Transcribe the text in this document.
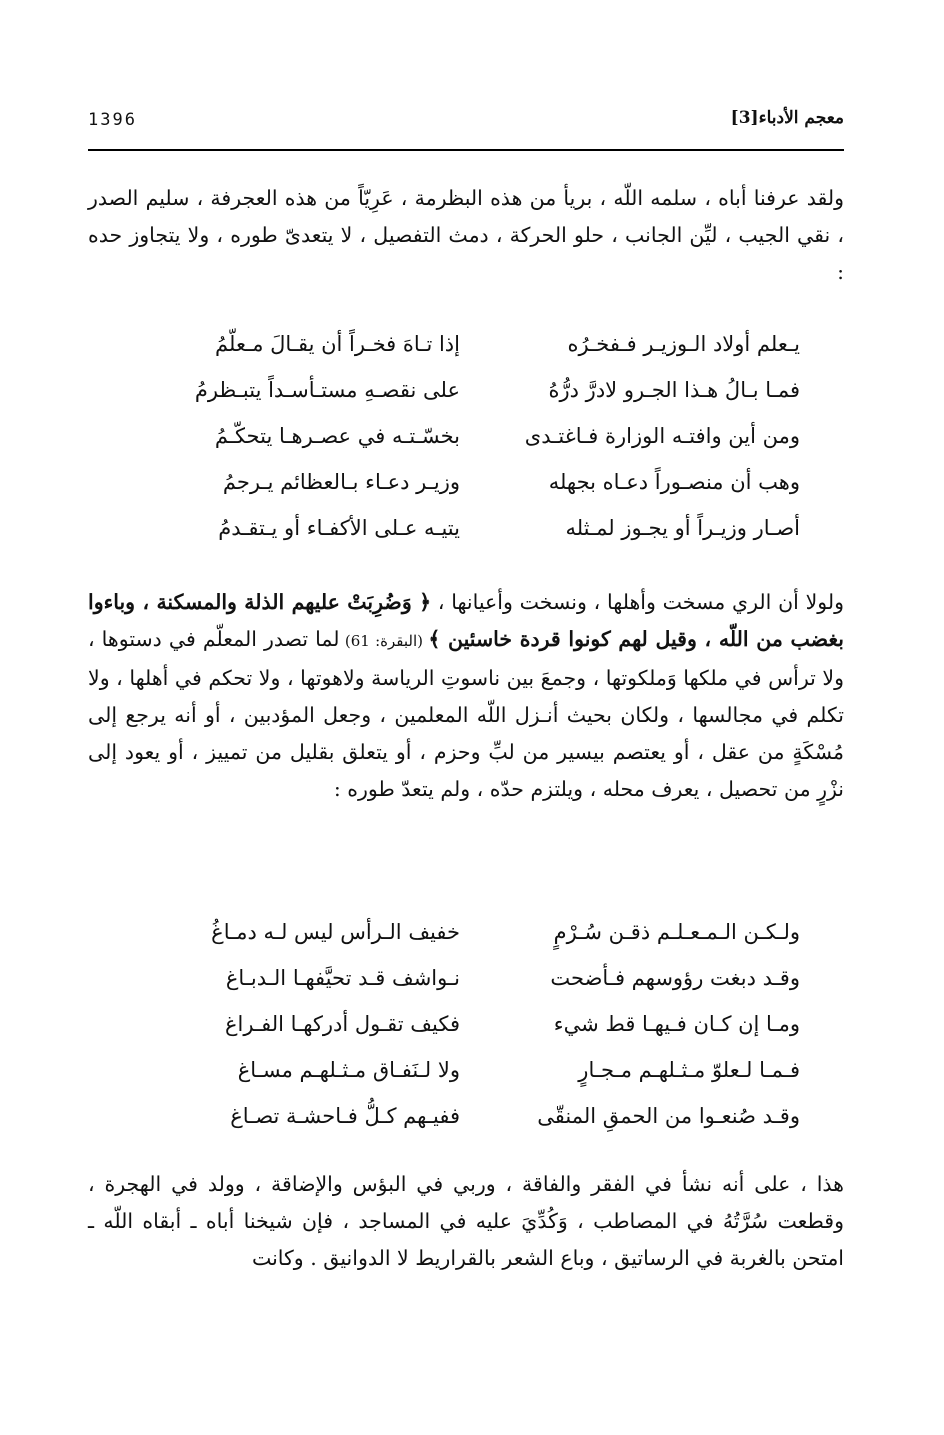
معجم الأدباء[3]
1396

ولقد عرفنا أباه ، سلمه اللّه ، بريأ من هذه البظرمة ، عَرِيّاً من هذه العجرفة ، سليم الصدر ، نقي الجيب ، ليِّن الجانب ، حلو الحركة ، دمث التفصيل ، لا يتعدىّ طوره ، ولا يتجاوز حده :

يـعلم أولاد الـوزيـر فـفخـرُه
إذا تـاهَ فخـراً أن يقـالَ مـعلّمُ
فمـا بـالُ هـذا الجـرو لادرَّ درُّهُ
على نقصـهِ مستـأسـداً يتبـظرمُ
ومن أين وافتـه الوزارة فـاغتـدى
بخسّـتـه في عصـرهـا يتحكّـمُ
وهب أن منصـوراً دعـاه بجهله
وزيـر دعـاء بـالعظائم يـرجمُ
أصـار وزيـراً أو يجـوز لمـثله
يتيـه عـلى الأكفـاء أو يـتقـدمُ

ولولا أن الري مسخت وأهلها ، ونسخت وأعيانها ، ﴿ وَضُرِبَتْ عليهم الذلة والمسكنة ، وباءوا بغضب من اللّه ، وقيل لهم كونوا قردة خاسئين ﴾ (البقرة: 61) لما تصدر المعلّم في دستوها ، ولا ترأس في ملكها وَملكوتها ، وجمعَ بين ناسوتِ الرياسة ولاهوتها ، ولا تحكم في أهلها ، ولا تكلم في مجالسها ، ولكان بحيث أنـزل اللّه المعلمين ، وجعل المؤدبين ، أو أنه يرجع إلى مُسْكَةٍ من عقل ، أو يعتصم بيسير من لبِّ وحزم ، أو يتعلق بقليل من تمييز ، أو يعود إلى نزْرٍ من تحصيل ، يعرف محله ، ويلتزم حدّه ، ولم يتعدّ طوره :

ولـكـن الـمـعـلـم ذقـن سُـرْمٍ
خفيف الـرأس ليس لـه دمـاغُ
وقـد دبغت رؤوسهم فـأضحت
نـواشف قـد تحيَّفهـا الـدبـاغ
ومـا إن كـان فـيهـا قط شيء
فكيف تقـول أدركهـا الفـراغ
فـمـا لـعلوّ مـثـلهـم مـجـارٍ
ولا لـنَفـاق مـثـلهـم مسـاغ
وقـد صُنعـوا من الحمقِ المنقّى
ففيـهم كـلُّ فـاحشـة تصـاغ

هذا ، على أنه نشأ في الفقر والفاقة ، وربي في البؤس والإضاقة ، وولد في الهجرة ، وقطعت سُرَّتُهُ في المصاطب ، وَكُدِّيَ عليه في المساجد ، فإن شيخنا أباه ـ أبقاه اللّه ـ امتحن بالغربة في الرساتيق ، وباع الشعر بالقراريط لا الدوانيق . وكانت
